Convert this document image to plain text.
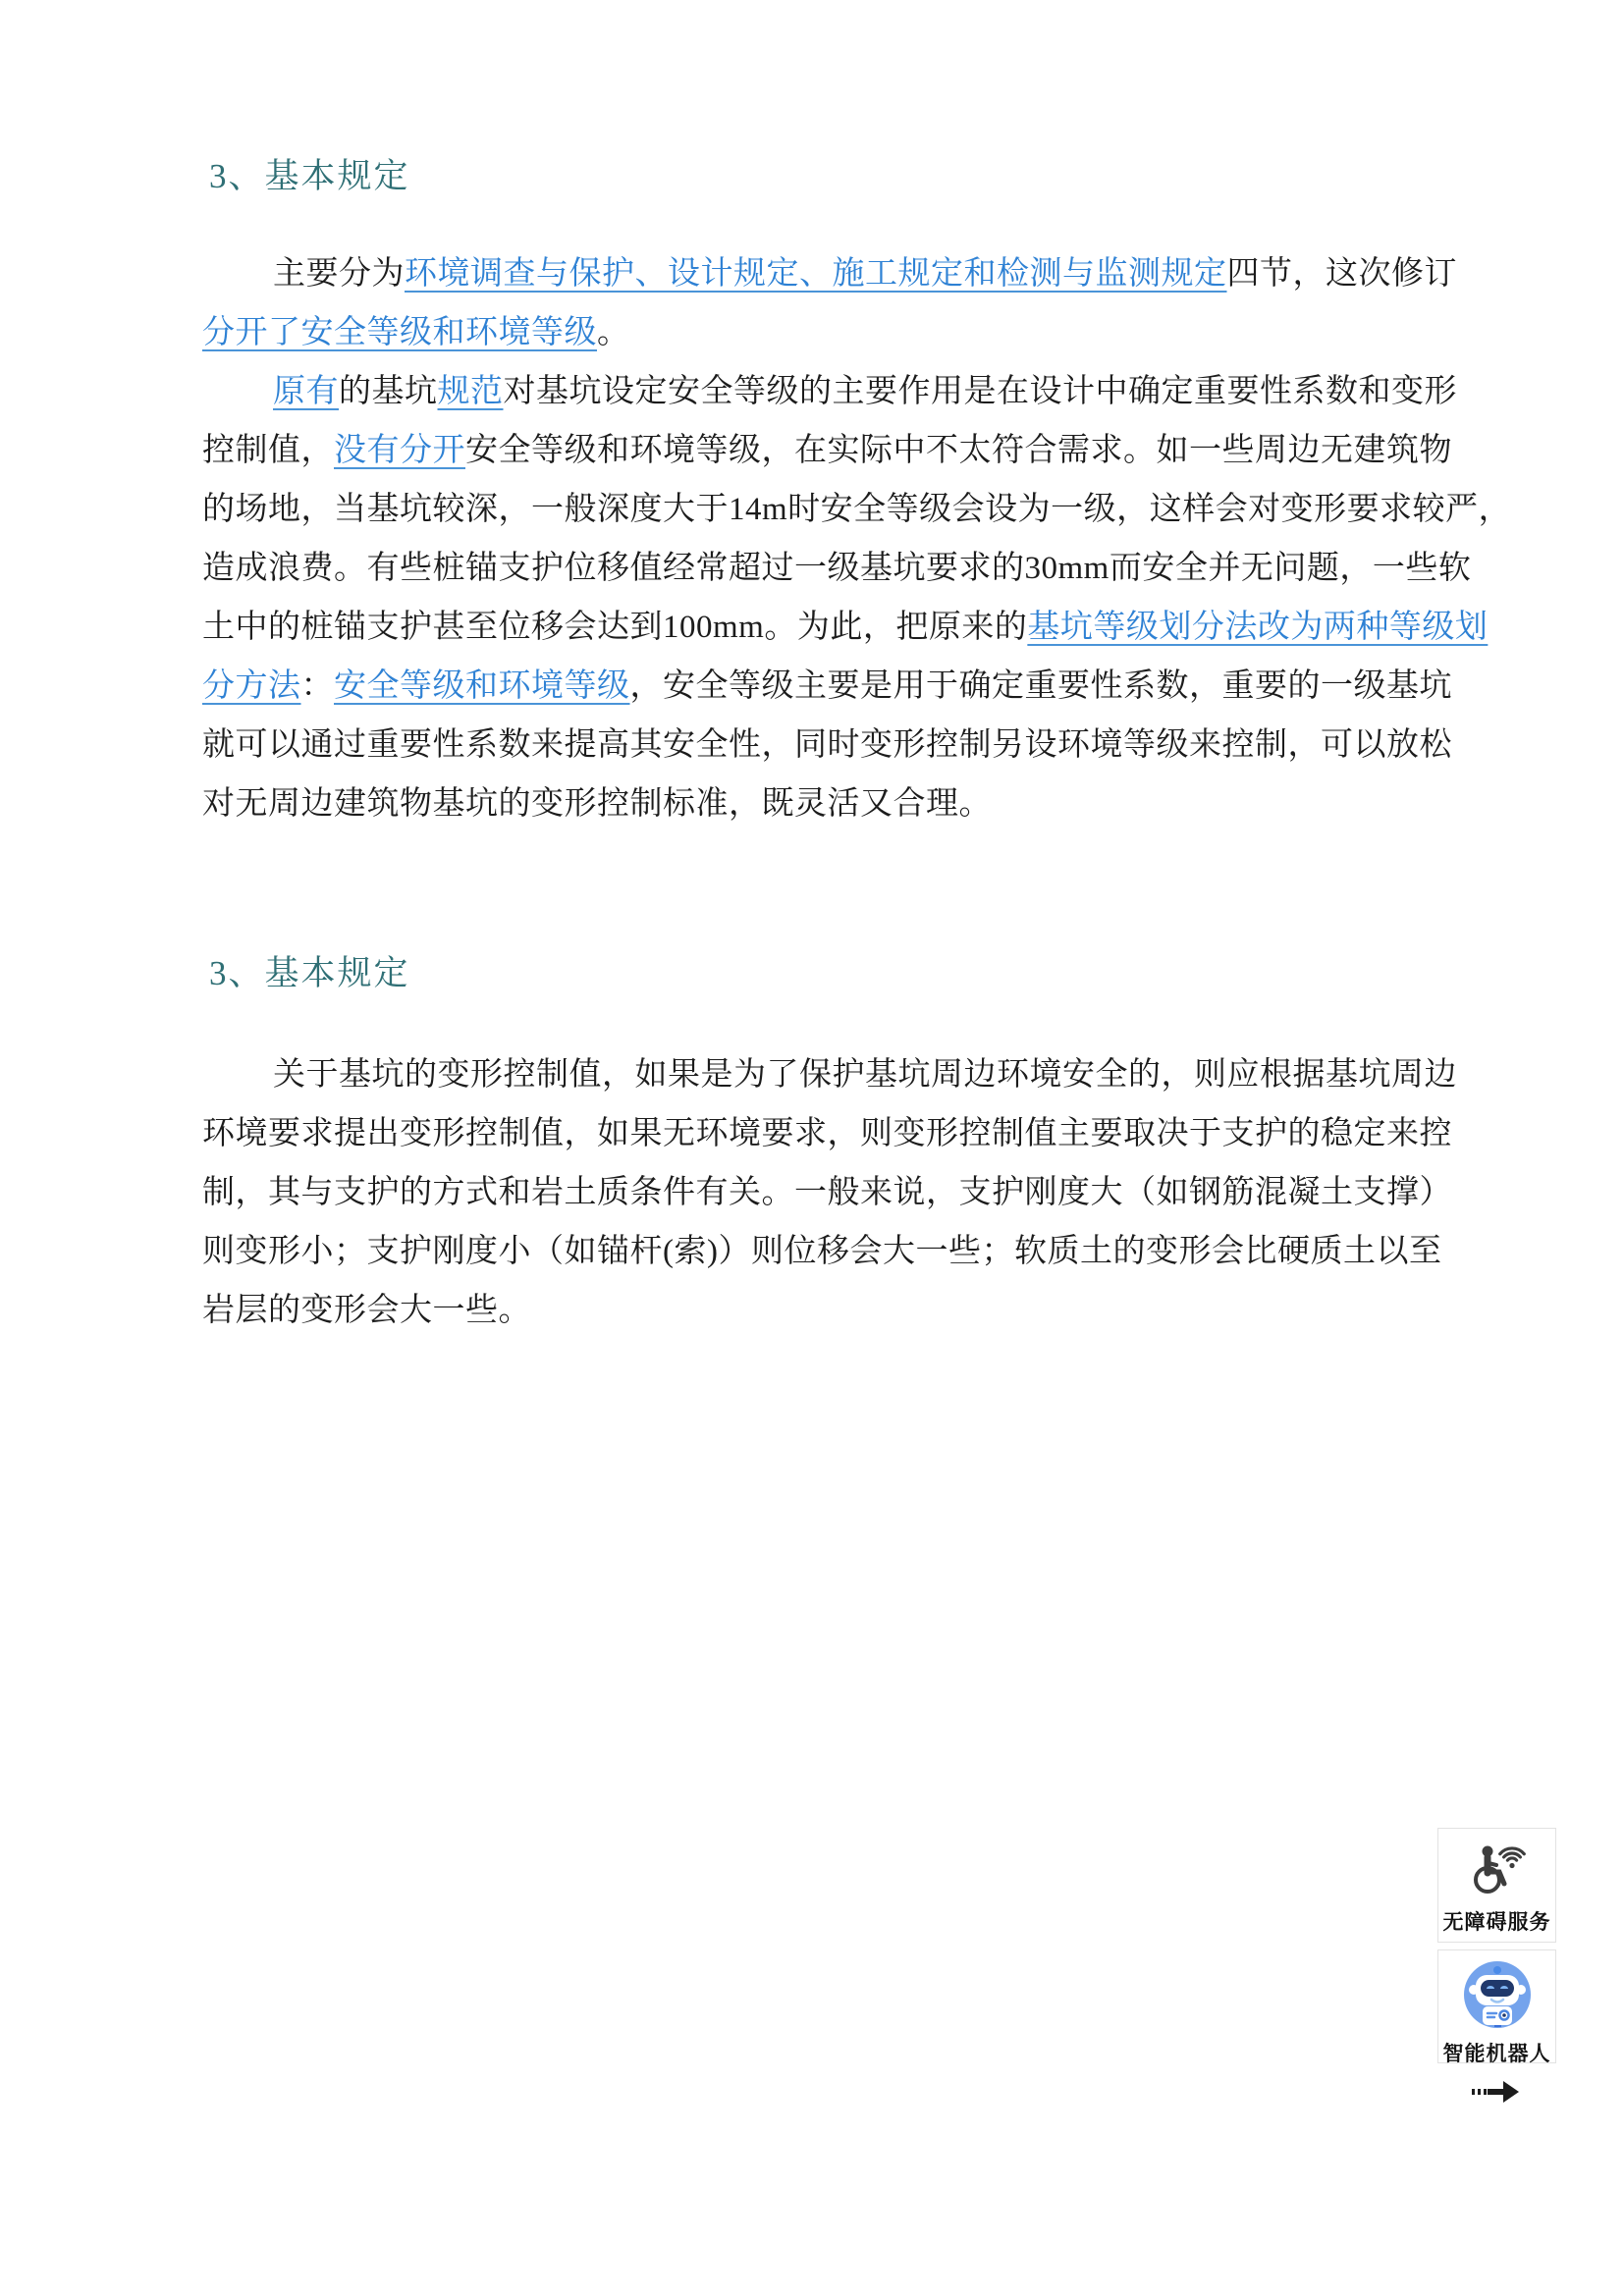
3、基本规定
主要分为环境调查与保护、设计规定、施工规定和检测与监测规定四节，这次修订
分开了安全等级和环境等级。
原有的基坑规范对基坑设定安全等级的主要作用是在设计中确定重要性系数和变形
控制值，没有分开安全等级和环境等级，在实际中不太符合需求。如一些周边无建筑物
的场地，当基坑较深，一般深度大于14m时安全等级会设为一级，这样会对变形要求较严，
造成浪费。有些桩锚支护位移值经常超过一级基坑要求的30mm而安全并无问题，一些软
土中的桩锚支护甚至位移会达到100mm。为此，把原来的基坑等级划分法改为两种等级划
分方法：安全等级和环境等级，安全等级主要是用于确定重要性系数，重要的一级基坑
就可以通过重要性系数来提高其安全性，同时变形控制另设环境等级来控制，可以放松
对无周边建筑物基坑的变形控制标准，既灵活又合理。
3、基本规定
关于基坑的变形控制值，如果是为了保护基坑周边环境安全的，则应根据基坑周边
环境要求提出变形控制值，如果无环境要求，则变形控制值主要取决于支护的稳定来控
制，其与支护的方式和岩土质条件有关。一般来说，支护刚度大（如钢筋混凝土支撑）
则变形小；支护刚度小（如锚杆(索)）则位移会大一些；软质土的变形会比硬质土以至
岩层的变形会大一些。
无障碍服务
智能机器人
